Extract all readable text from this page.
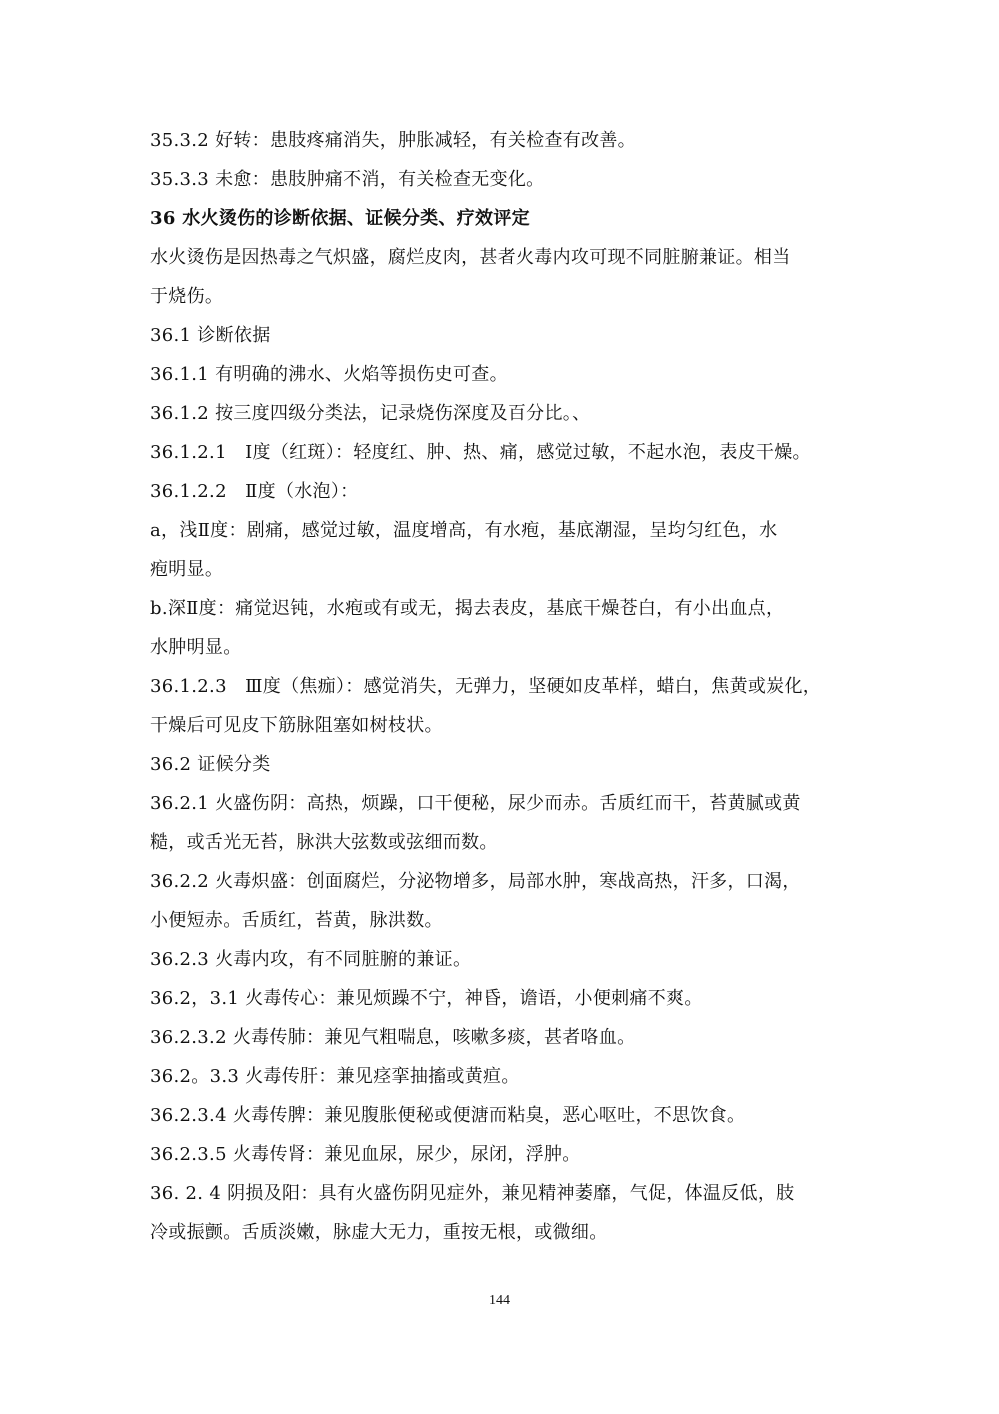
35.3.2 好转：患肢疼痛消失，肿胀减轻，有关检查有改善。
35.3.3 未愈：患肢肿痛不消，有关检查无变化。
36 水火烫伤的诊断依据、证候分类、疗效评定
水火烫伤是因热毒之气炽盛，腐烂皮肉，甚者火毒内攻可现不同脏腑兼证。相当
于烧伤。
36.1 诊断依据
36.1.1 有明确的沸水、火焰等损伤史可查。
36.1.2 按三度四级分类法，记录烧伤深度及百分比。、
36.1.2.1　Ⅰ度（红斑）：轻度红、肿、热、痛，感觉过敏，不起水泡，表皮干燥。
36.1.2.2　Ⅱ度（水泡）：
a，浅Ⅱ度：剧痛，感觉过敏，温度增高，有水疱，基底潮湿，呈均匀红色，水
疱明显。
b.深Ⅱ度：痛觉迟钝，水疱或有或无，揭去表皮，基底干燥苍白，有小出血点，
水肿明显。
36.1.2.3　Ⅲ度（焦痂）：感觉消失，无弹力，坚硬如皮革样，蜡白，焦黄或炭化，
干燥后可见皮下筋脉阻塞如树枝状。
36.2 证候分类
36.2.1 火盛伤阴：高热，烦躁，口干便秘，尿少而赤。舌质红而干，苔黄腻或黄
糙，或舌光无苔，脉洪大弦数或弦细而数。
36.2.2 火毒炽盛：创面腐烂，分泌物增多，局部水肿，寒战高热，汗多，口渴，
小便短赤。舌质红，苔黄，脉洪数。
36.2.3 火毒内攻，有不同脏腑的兼证。
36.2，3.1 火毒传心：兼见烦躁不宁，神昏，谵语，小便刺痛不爽。
36.2.3.2 火毒传肺：兼见气粗喘息，咳嗽多痰，甚者咯血。
36.2。3.3 火毒传肝：兼见痉挛抽搐或黄疸。
36.2.3.4 火毒传脾：兼见腹胀便秘或便溏而粘臭，恶心呕吐，不思饮食。
36.2.3.5 火毒传肾：兼见血尿，尿少，尿闭，浮肿。
36. 2. 4 阴损及阳：具有火盛伤阴见症外，兼见精神萎靡，气促，体温反低，肢
冷或振颤。舌质淡嫩，脉虚大无力，重按无根，或微细。
144
